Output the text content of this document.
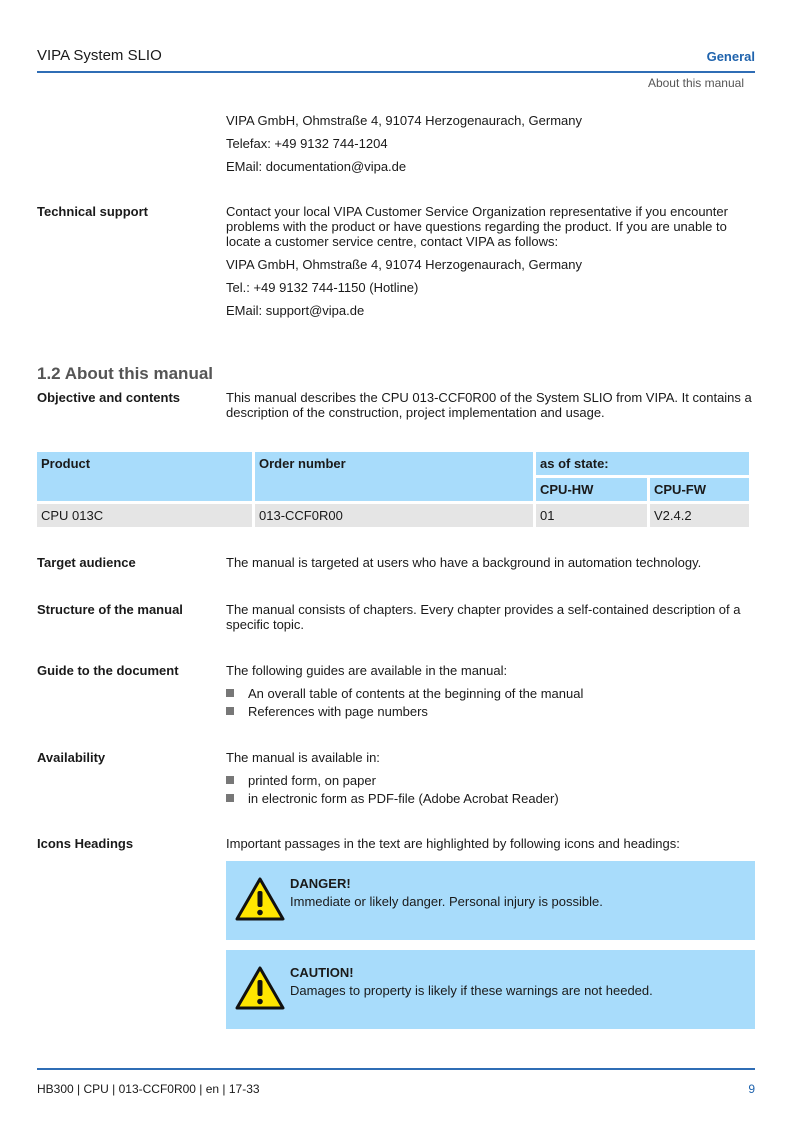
VIPA System SLIO	General
About this manual

VIPA GmbH, Ohmstraße 4, 91074 Herzogenaurach, Germany

Telefax: +49 9132 744-1204

EMail: documentation@vipa.de

Technical support	Contact your local VIPA Customer Service Organization representative if you encounter problems with the product or have questions regarding the product. If you are unable to locate a customer service centre, contact VIPA as follows:

VIPA GmbH, Ohmstraße 4, 91074 Herzogenaurach, Germany

Tel.: +49 9132 744-1150 (Hotline)

EMail: support@vipa.de

1.2 About this manual
Objective and contents	This manual describes the CPU 013-CCF0R00 of the System SLIO from VIPA. It contains a description of the construction, project implementation and usage.
Product	Order number	as of state:	
		CPU-HW	CPU-FW
CPU 013C	013-CCF0R00	01	V2.4.2
Target audience	The manual is targeted at users who have a background in automation technology.
Structure of the manual	The manual consists of chapters. Every chapter provides a self-contained description of a specific topic.
Guide to the document	The following guides are available in the manual:

An overall table of contents at the beginning of the manual
References with page numbers
Availability	The manual is available in:

printed form, on paper
in electronic form as PDF-file (Adobe Acrobat Reader)
Icons Headings	Important passages in the text are highlighted by following icons and headings:
DANGER!
Immediate or likely danger. Personal injury is possible.
CAUTION!
Damages to property is likely if these warnings are not heeded.
HB300 | CPU | 013-CCF0R00 | en | 17-33	9
